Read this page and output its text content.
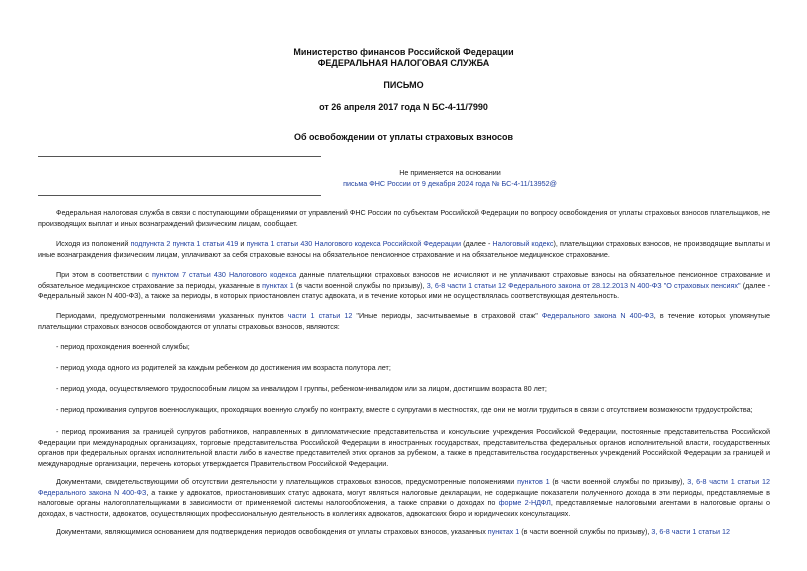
Министерство финансов Российской Федерации
ФЕДЕРАЛЬНАЯ НАЛОГОВАЯ СЛУЖБА
ПИСЬМО
от 26 апреля 2017 года N БС-4-11/7990
Об освобождении от уплаты страховых взносов
Не применяется на основании
письма ФНС России от 9 декабря 2024 года № БС-4-11/13952@
Федеральная налоговая служба в связи с поступающими обращениями от управлений ФНС России по субъектам Российской Федерации по вопросу освобождения от уплаты страховых взносов плательщиков, не производящих выплат и иных вознаграждений физическим лицам, сообщает.
Исходя из положений подпункта 2 пункта 1 статьи 419 и пункта 1 статьи 430 Налогового кодекса Российской Федерации (далее - Налоговый кодекс), плательщики страховых взносов, не производящие выплаты и иные вознаграждения физическим лицам, уплачивают за себя страховые взносы на обязательное пенсионное страхование и на обязательное медицинское страхование.
При этом в соответствии с пунктом 7 статьи 430 Налогового кодекса данные плательщики страховых взносов не исчисляют и не уплачивают страховые взносы на обязательное пенсионное страхование и обязательное медицинское страхование за периоды, указанные в пунктах 1 (в части военной службы по призыву), 3, 6-8 части 1 статьи 12 Федерального закона от 28.12.2013 N 400-ФЗ "О страховых пенсиях" (далее - Федеральный закон N 400-ФЗ), а также за периоды, в которых приостановлен статус адвоката, и в течение которых ими не осуществлялась соответствующая деятельность.
Периодами, предусмотренными положениями указанных пунктов части 1 статьи 12 "Иные периоды, засчитываемые в страховой стаж" Федерального закона N 400-ФЗ, в течение которых упомянутые плательщики страховых взносов освобождаются от уплаты страховых взносов, являются:
- период прохождения военной службы;
- период ухода одного из родителей за каждым ребенком до достижения им возраста полутора лет;
- период ухода, осуществляемого трудоспособным лицом за инвалидом I группы, ребенком-инвалидом или за лицом, достигшим возраста 80 лет;
- период проживания супругов военнослужащих, проходящих военную службу по контракту, вместе с супругами в местностях, где они не могли трудиться в связи с отсутствием возможности трудоустройства;
- период проживания за границей супругов работников, направленных в дипломатические представительства и консульские учреждения Российской Федерации, постоянные представительства Российской Федерации при международных организациях, торговые представительства Российской Федерации в иностранных государствах, представительства федеральных органов исполнительной власти, государственных органов при федеральных органах исполнительной власти либо в качестве представителей этих органов за рубежом, а также в представительства государственных учреждений Российской Федерации за границей и международные организации, перечень которых утверждается Правительством Российской Федерации.
Документами, свидетельствующими об отсутствии деятельности у плательщиков страховых взносов, предусмотренные положениями пунктов 1 (в части военной службы по призыву), 3, 6-8 части 1 статьи 12 Федерального закона N 400-ФЗ, а также у адвокатов, приостановивших статус адвоката, могут являться налоговые декларации, не содержащие показатели полученного дохода в эти периоды, представляемые в налоговые органы налогоплательщиками в зависимости от применяемой системы налогообложения, а также справки о доходах по форме 2-НДФЛ, представляемые налоговыми агентами в налоговые органы о доходах, в частности, адвокатов, осуществляющих профессиональную деятельность в коллегиях адвокатов, адвокатских бюро и юридических консультациях.
Документами, являющимися основанием для подтверждения периодов освобождения от уплаты страховых взносов, указанных пунктах 1 (в части военной службы по призыву), 3, 6-8 части 1 статьи 12
